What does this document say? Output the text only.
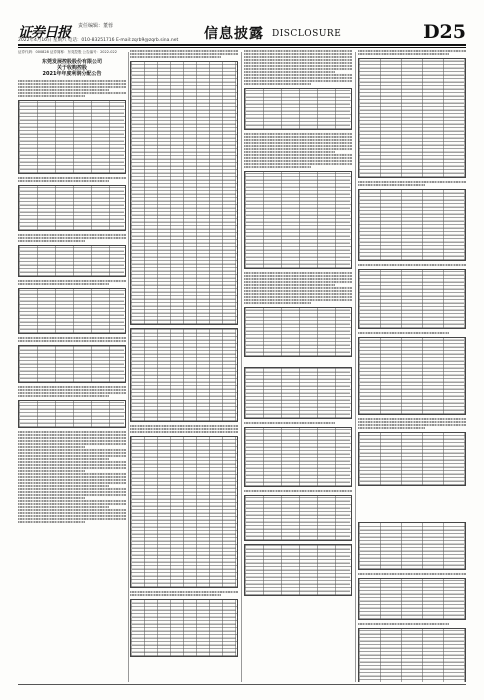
证券日报 责任编辑：董蓉
2022年4月16日 星期六 电话：010-83251716 E-mail:zqrb9@zqrb.sina.net 信息披露 DISCLOSURE	D25
证券代码：000828 证券简称：东莞控股 公告编号：2022-022
东莞发展控股股份有限公司
关于收购控股
2021年年度利润分配公告
